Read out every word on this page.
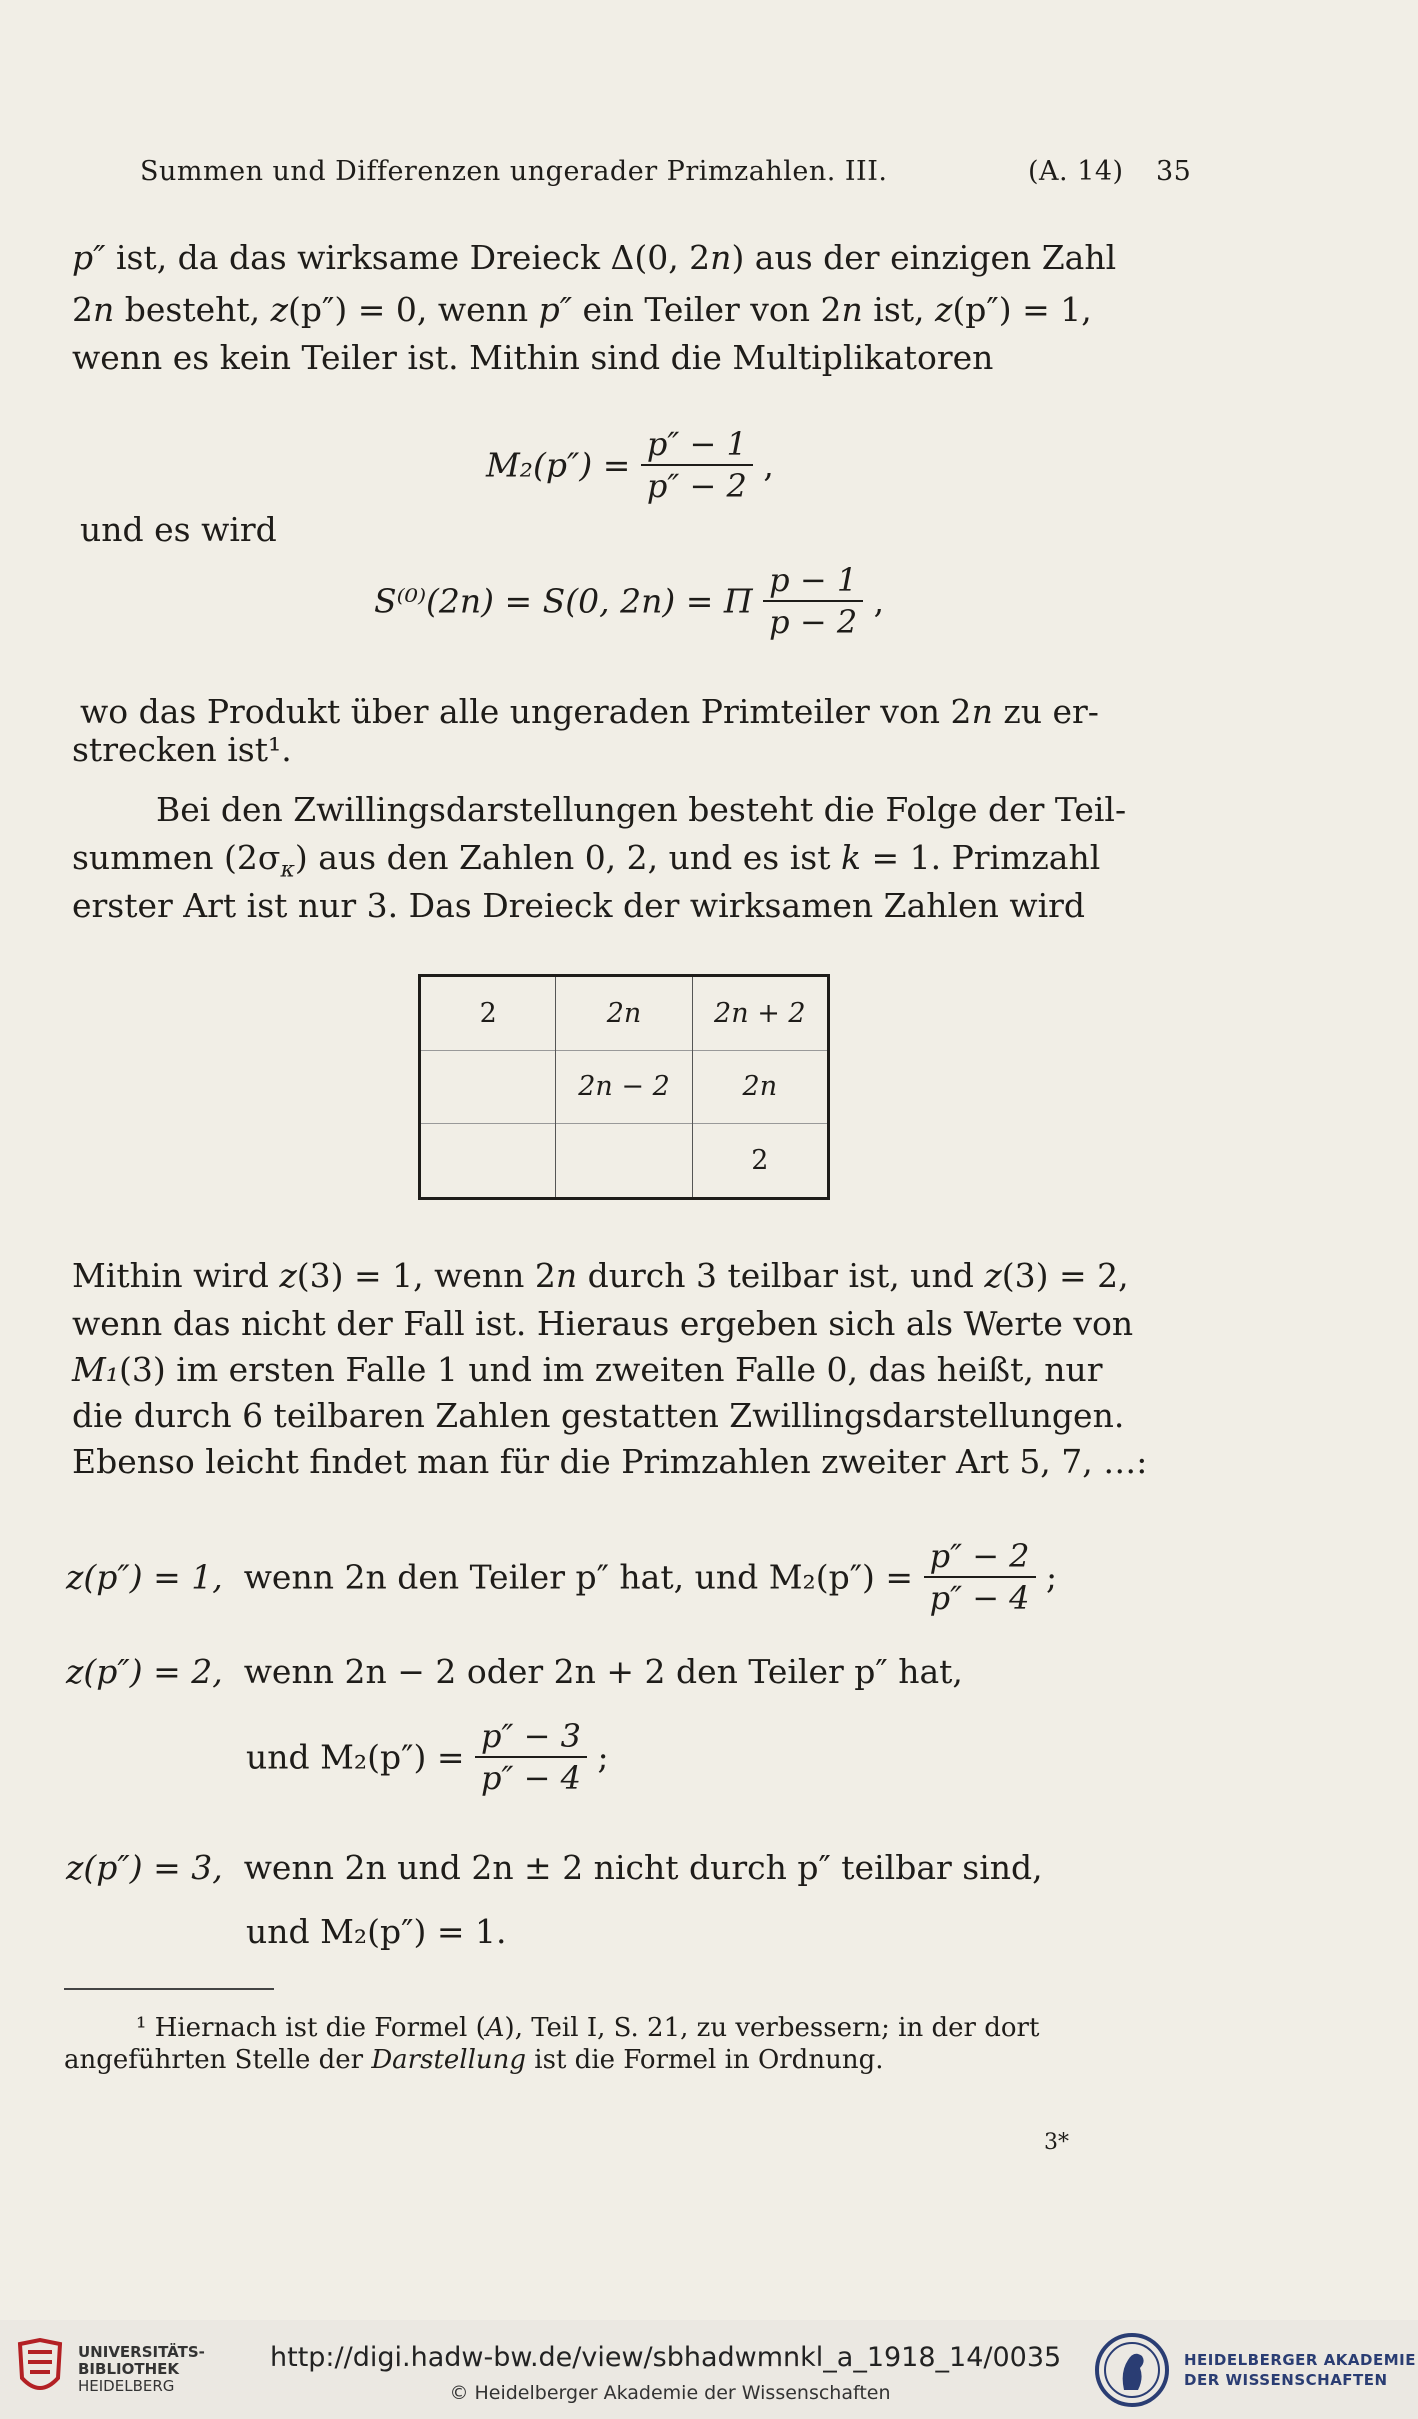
Summen und Differenzen ungerader Primzahlen. III.	(A. 14) 35
p″ ist, da das wirksame Dreieck Δ(0, 2n) aus der einzigen Zahl
2n besteht, z(p″) = 0, wenn p″ ein Teiler von 2n ist, z(p″) = 1,
wenn es kein Teiler ist. Mithin sind die Multiplikatoren
$M_2(p'') = \frac{p'' - 1}{p'' - 2}$ ,
und es wird
S⁽⁰⁾(2n) = S(0, 2n) = Π $\frac{p - 1}{p - 2}$ ,
wo das Produkt über alle ungeraden Primteiler von 2n zu er-
strecken ist¹.
Bei den Zwillingsdarstellungen besteht die Folge der Teil-
summen $(2\sigma_\kappa)$ aus den Zahlen 0, 2, und es ist k = 1. Primzahl
erster Art ist nur 3. Das Dreieck der wirksamen Zahlen wird
2	2n	2n + 2
	2n − 2	2n
		2
Mithin wird z(3) = 1, wenn 2n durch 3 teilbar ist, und z(3) = 2,
wenn das nicht der Fall ist. Hieraus ergeben sich als Werte von
M₁(3) im ersten Falle 1 und im zweiten Falle 0, das heißt, nur
die durch 6 teilbaren Zahlen gestatten Zwillingsdarstellungen.
Ebenso leicht findet man für die Primzahlen zweiter Art 5, 7, …:
z(p″) = 1, wenn 2n den Teiler p″ hat, und $M_2(p'') = \frac{p'' - 2}{p'' - 4}$ ;
z(p″) = 2, wenn 2n − 2 oder 2n + 2 den Teiler p″ hat,
und $M_2(p'') = \frac{p'' - 3}{p'' - 4}$ ;
z(p″) = 3, wenn 2n und 2n ± 2 nicht durch p″ teilbar sind,
und M₂(p″) = 1.
¹ Hiernach ist die Formel (A), Teil I, S. 21, zu verbessern; in der dort
angeführten Stelle der Darstellung ist die Formel in Ordnung.
3*
UNIVERSITÄTS-
BIBLIOTHEK
HEIDELBERG
http://digi.hadw-bw.de/view/sbhadwmnkl_a_1918_14/0035
© Heidelberger Akademie der Wissenschaften
HEIDELBERGER AKADEMIE
DER WISSENSCHAFTEN
